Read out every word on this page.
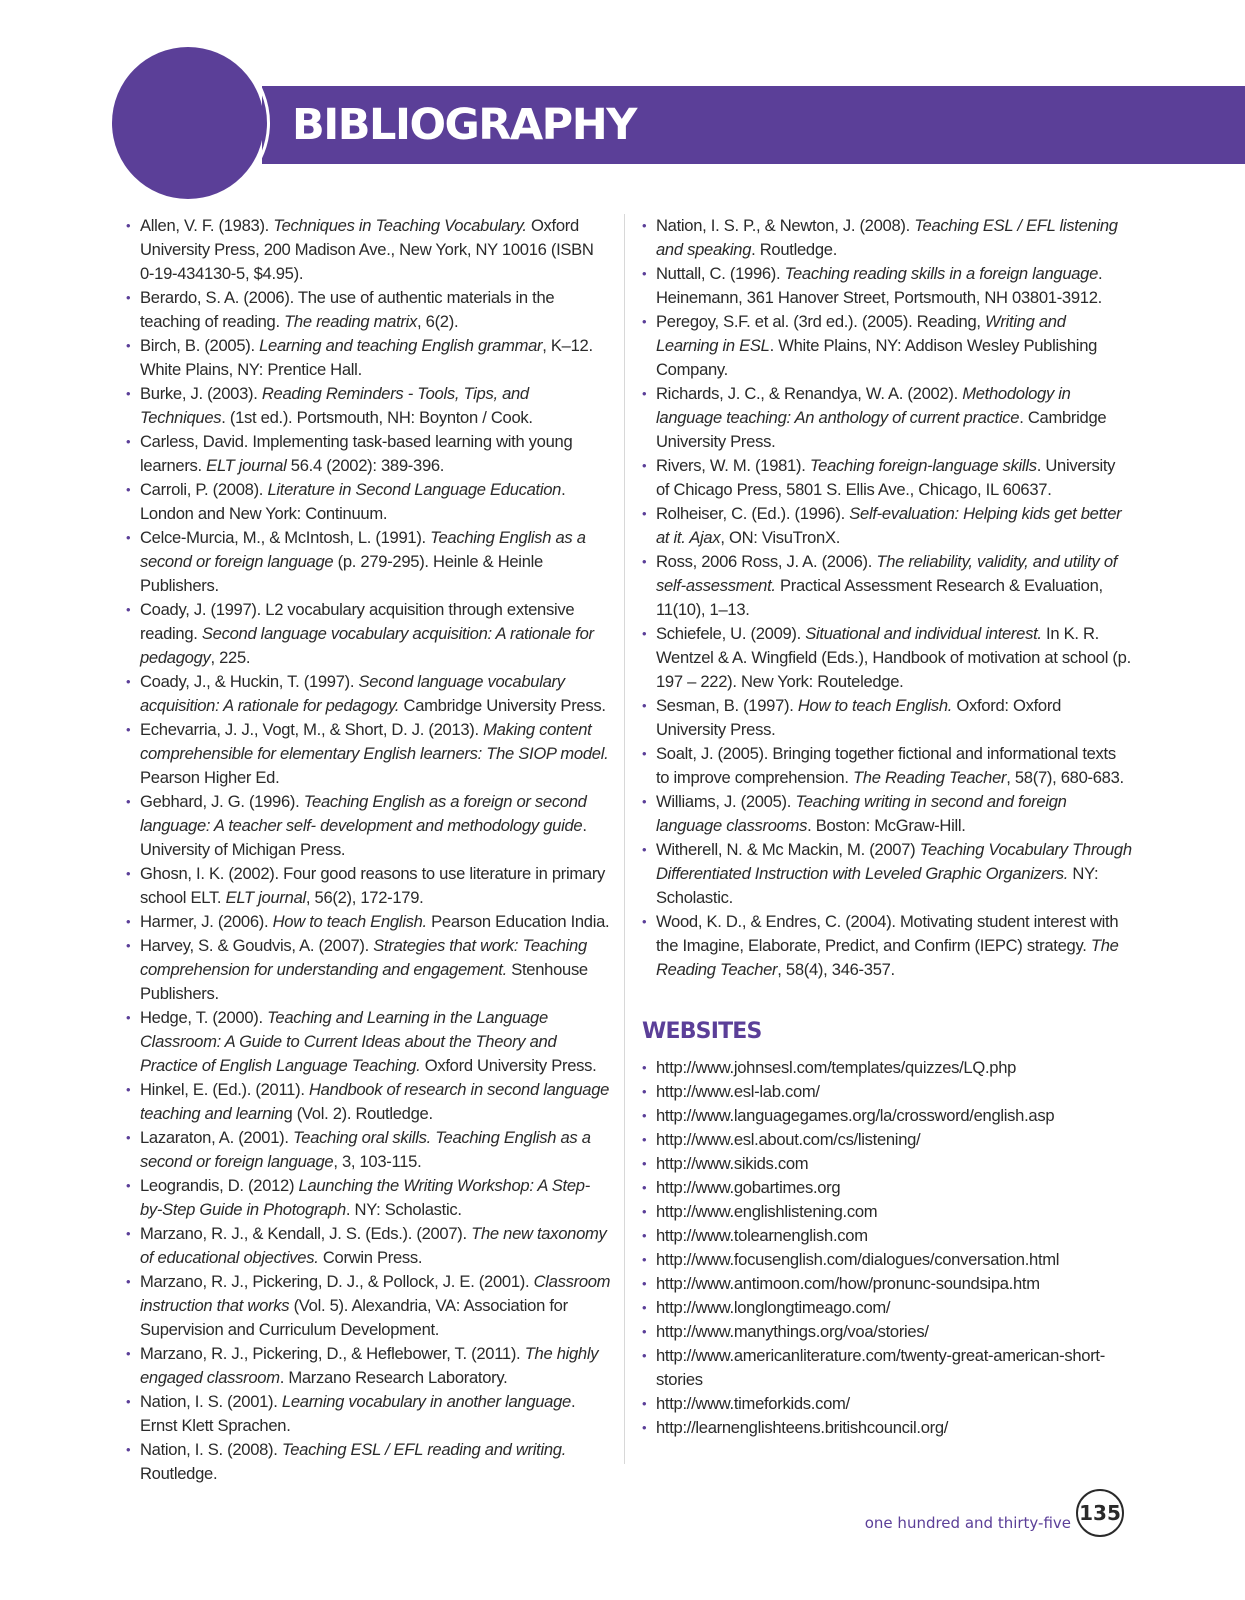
BIBLIOGRAPHY
• Allen, V. F. (1983). Techniques in Teaching Vocabulary. Oxford University Press, 200 Madison Ave., New York, NY 10016 (ISBN 0-19-434130-5, $4.95).
• Berardo, S. A. (2006). The use of authentic materials in the teaching of reading. The reading matrix, 6(2).
• Birch, B. (2005). Learning and teaching English grammar, K–12. White Plains, NY: Prentice Hall.
• Burke, J. (2003). Reading Reminders - Tools, Tips, and Techniques. (1st ed.). Portsmouth, NH: Boynton / Cook.
• Carless, David. Implementing task-based learning with young learners. ELT journal 56.4 (2002): 389-396.
• Carroli, P. (2008). Literature in Second Language Education. London and New York: Continuum.
• Celce-Murcia, M., & McIntosh, L. (1991). Teaching English as a second or foreign language (p. 279-295). Heinle & Heinle Publishers.
• Coady, J. (1997). L2 vocabulary acquisition through extensive reading. Second language vocabulary acquisition: A rationale for pedagogy, 225.
• Coady, J., & Huckin, T. (1997). Second language vocabulary acquisition: A rationale for pedagogy. Cambridge University Press.
• Echevarria, J. J., Vogt, M., & Short, D. J. (2013). Making content comprehensible for elementary English learners: The SIOP model. Pearson Higher Ed.
• Gebhard, J. G. (1996). Teaching English as a foreign or second language: A teacher self- development and methodology guide. University of Michigan Press.
• Ghosn, I. K. (2002). Four good reasons to use literature in primary school ELT. ELT journal, 56(2), 172-179.
• Harmer, J. (2006). How to teach English. Pearson Education India.
• Harvey, S. & Goudvis, A. (2007). Strategies that work: Teaching comprehension for understanding and engagement. Stenhouse Publishers.
• Hedge, T. (2000). Teaching and Learning in the Language Classroom: A Guide to Current Ideas about the Theory and Practice of English Language Teaching. Oxford University Press.
• Hinkel, E. (Ed.). (2011). Handbook of research in second language teaching and learning (Vol. 2). Routledge.
• Lazaraton, A. (2001). Teaching oral skills. Teaching English as a second or foreign language, 3, 103-115.
• Leograndis, D. (2012) Launching the Writing Workshop: A Step-by-Step Guide in Photograph. NY: Scholastic.
• Marzano, R. J., & Kendall, J. S. (Eds.). (2007). The new taxonomy of educational objectives. Corwin Press.
• Marzano, R. J., Pickering, D. J., & Pollock, J. E. (2001). Classroom instruction that works (Vol. 5). Alexandria, VA: Association for Supervision and Curriculum Development.
• Marzano, R. J., Pickering, D., & Heflebower, T. (2011). The highly engaged classroom. Marzano Research Laboratory.
• Nation, I. S. (2001). Learning vocabulary in another language. Ernst Klett Sprachen.
• Nation, I. S. (2008). Teaching ESL / EFL reading and writing. Routledge.
• Nation, I. S. P., & Newton, J. (2008). Teaching ESL / EFL listening and speaking. Routledge.
• Nuttall, C. (1996). Teaching reading skills in a foreign language. Heinemann, 361 Hanover Street, Portsmouth, NH 03801-3912.
• Peregoy, S.F. et al. (3rd ed.). (2005). Reading, Writing and Learning in ESL. White Plains, NY: Addison Wesley Publishing Company.
• Richards, J. C., & Renandya, W. A. (2002). Methodology in language teaching: An anthology of current practice. Cambridge University Press.
• Rivers, W. M. (1981). Teaching foreign-language skills. University of Chicago Press, 5801 S. Ellis Ave., Chicago, IL 60637.
• Rolheiser, C. (Ed.). (1996). Self-evaluation: Helping kids get better at it. Ajax, ON: VisuTronX.
• Ross, 2006 Ross, J. A. (2006). The reliability, validity, and utility of self-assessment. Practical Assessment Research & Evaluation, 11(10), 1–13.
• Schiefele, U. (2009). Situational and individual interest. In K. R. Wentzel & A. Wingfield (Eds.), Handbook of motivation at school (p. 197 – 222). New York: Routeledge.
• Sesman, B. (1997). How to teach English. Oxford: Oxford University Press.
• Soalt, J. (2005). Bringing together fictional and informational texts to improve comprehension. The Reading Teacher, 58(7), 680-683.
• Williams, J. (2005). Teaching writing in second and foreign language classrooms. Boston: McGraw-Hill.
• Witherell, N. & Mc Mackin, M. (2007) Teaching Vocabulary Through Differentiated Instruction with Leveled Graphic Organizers. NY: Scholastic.
• Wood, K. D., & Endres, C. (2004). Motivating student interest with the Imagine, Elaborate, Predict, and Confirm (IEPC) strategy. The Reading Teacher, 58(4), 346-357.
WEBSITES
• http://www.johnsesl.com/templates/quizzes/LQ.php
• http://www.esl-lab.com/
• http://www.languagegames.org/la/crossword/english.asp
• http://www.esl.about.com/cs/listening/
• http://www.sikids.com
• http://www.gobartimes.org
• http://www.englishlistening.com
• http://www.tolearnenglish.com
• http://www.focusenglish.com/dialogues/conversation.html
• http://www.antimoon.com/how/pronunc-soundsipa.htm
• http://www.longlongtimeago.com/
• http://www.manythings.org/voa/stories/
• http://www.americanliterature.com/twenty-great-american-short-stories
• http://www.timeforkids.com/
• http://learnenglishteens.britishcouncil.org/
one hundred and thirty-five 135
